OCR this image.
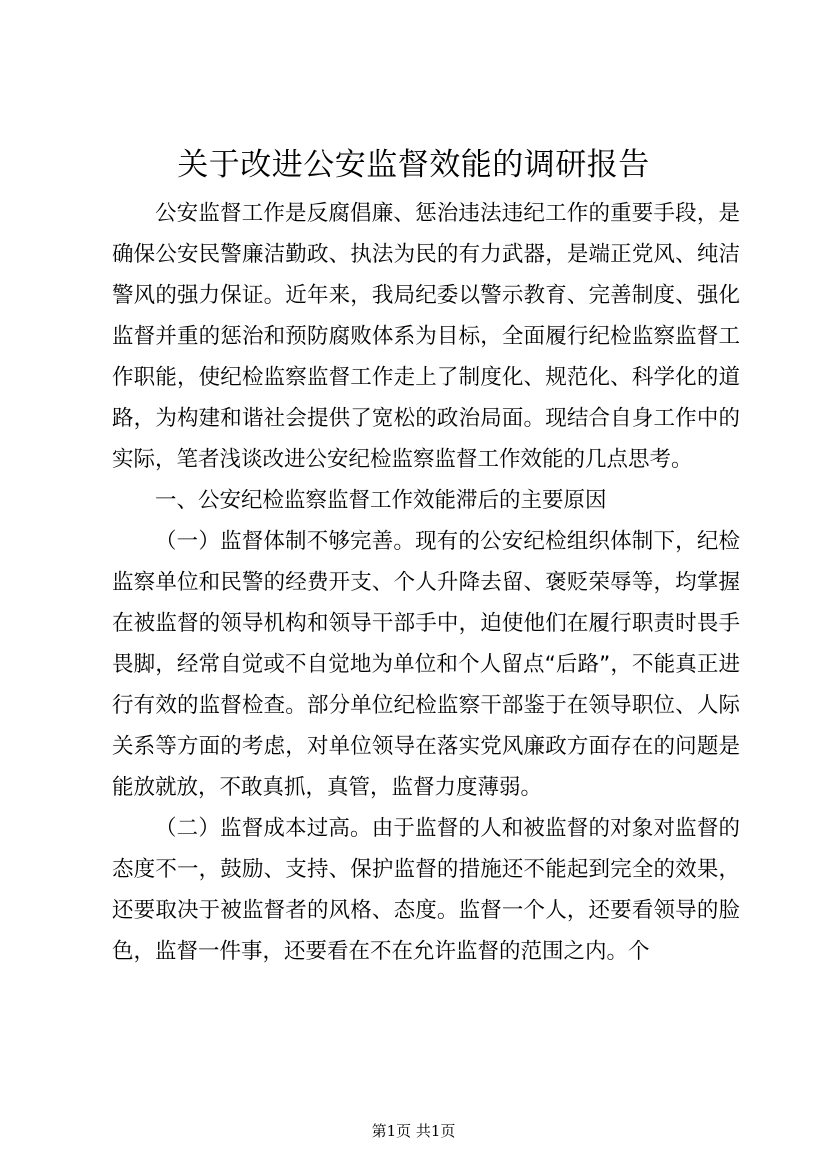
关于改进公安监督效能的调研报告

公安监督工作是反腐倡廉、惩治违法违纪工作的重要手段，是确保公安民警廉洁勤政、执法为民的有力武器，是端正党风、纯洁警风的强力保证。近年来，我局纪委以警示教育、完善制度、强化监督并重的惩治和预防腐败体系为目标，全面履行纪检监察监督工作职能，使纪检监察监督工作走上了制度化、规范化、科学化的道路，为构建和谐社会提供了宽松的政治局面。现结合自身工作中的实际，笔者浅谈改进公安纪检监察监督工作效能的几点思考。

一、公安纪检监察监督工作效能滞后的主要原因

（一）监督体制不够完善。现有的公安纪检组织体制下，纪检监察单位和民警的经费开支、个人升降去留、褒贬荣辱等，均掌握在被监督的领导机构和领导干部手中，迫使他们在履行职责时畏手畏脚，经常自觉或不自觉地为单位和个人留点“后路”，不能真正进行有效的监督检查。部分单位纪检监察干部鉴于在领导职位、人际关系等方面的考虑，对单位领导在落实党风廉政方面存在的问题是能放就放，不敢真抓，真管，监督力度薄弱。

（二）监督成本过高。由于监督的人和被监督的对象对监督的态度不一，鼓励、支持、保护监督的措施还不能起到完全的效果，还要取决于被监督者的风格、态度。监督一个人，还要看领导的脸色，监督一件事，还要看在不在允许监督的范围之内。个

第1页 共1页
